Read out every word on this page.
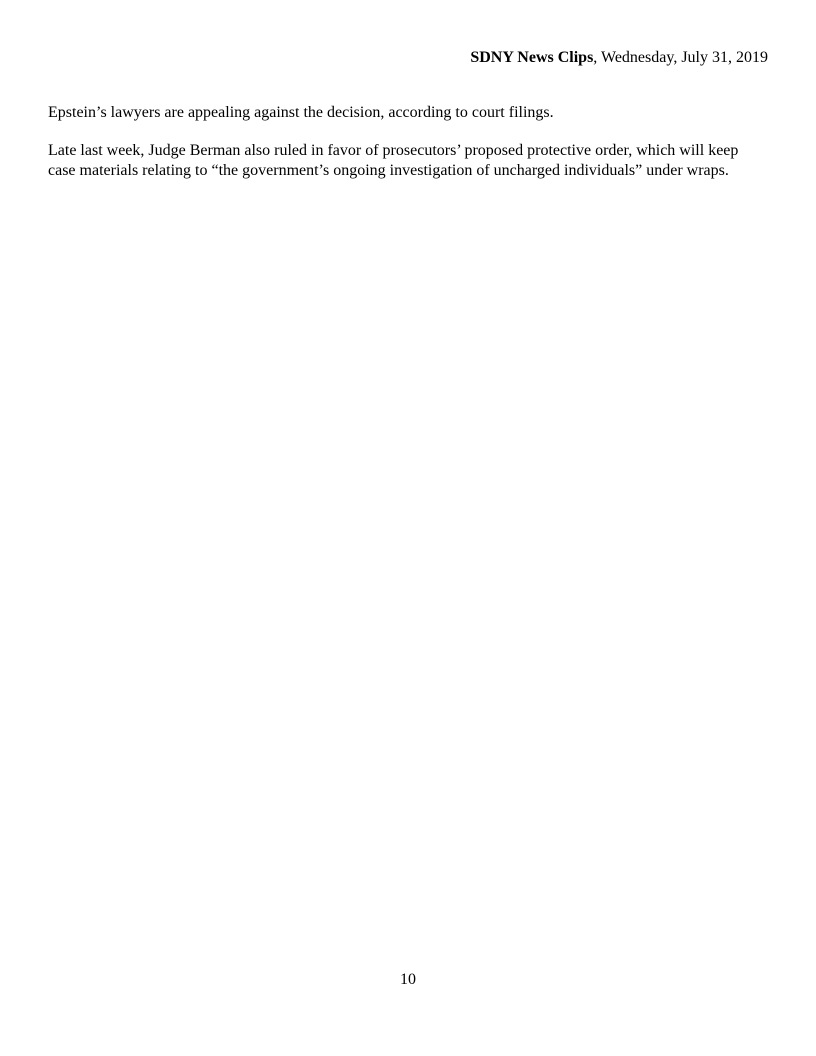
SDNY News Clips, Wednesday, July 31, 2019

Epstein’s lawyers are appealing against the decision, according to court filings.

Late last week, Judge Berman also ruled in favor of prosecutors’ proposed protective order, which will keep case materials relating to “the government’s ongoing investigation of uncharged individuals” under wraps.

10
